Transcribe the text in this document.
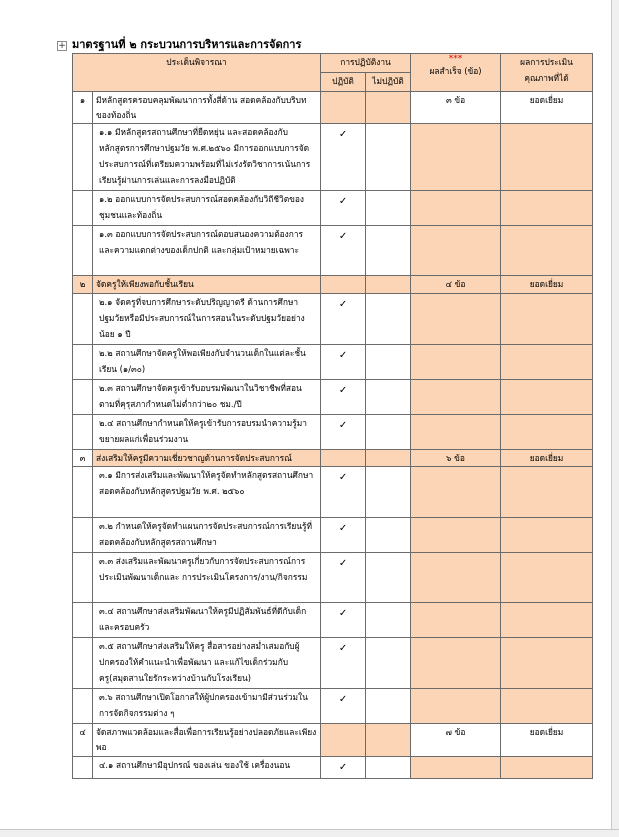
+ มาตรฐานที่ ๒ กระบวนการบริหารและการจัดการ
ประเด็นพิจารณา		การปฏิบัติงาน		***
ผลสำเร็จ (ข้อ)	ผลการประเมิน
คุณภาพที่ได้

		ปฏิบัติ	ไม่ปฏิบัติ		
๑	มีหลักสูตรครอบคลุมพัฒนาการทั้งสี่ด้าน สอดคล้องกับบริบทของท้องถิ่น			๓ ข้อ	ยอดเยี่ยม

	๑.๑ มีหลักสูตรสถานศึกษาที่ยืดหยุ่น และสอดคล้องกับหลักสูตรการศึกษาปฐมวัย พ.ศ.๒๕๖๐ มีการออกแบบการจัดประสบการณ์ที่เตรียมความพร้อมที่ไม่เร่งรัดวิชาการเน้นการเรียนรู้ผ่านการเล่นและการลงมือปฏิบัติ	✓			

	๑.๒ ออกแบบการจัดประสบการณ์สอดคล้องกับวิถีชีวิตของชุมชนและท้องถิ่น	✓			

	๑.๓ ออกแบบการจัดประสบการณ์ตอบสนองความต้องการ และความแตกต่างของเด็กปกติ และกลุ่มเป้าหมายเฉพาะ	✓			
๒	จัดครูให้เพียงพอกับชั้นเรียน			๔ ข้อ	ยอดเยี่ยม

	๒.๑ จัดครูที่จบการศึกษาระดับปริญญาตรี ด้านการศึกษาปฐมวัยหรือมีประสบการณ์ในการสอนในระดับปฐมวัยอย่างน้อย ๑ ปี	✓			

	๒.๒ สถานศึกษาจัดครูให้พอเพียงกับจำนวนเด็กในแต่ละชั้นเรียน (๑/๓๐)	✓			

	๒.๓ สถานศึกษาจัดครูเข้ารับอบรมพัฒนาในวิชาชีพที่สอนตามที่คุรุสภากำหนดไม่ต่ำกว่า๒๐ ชม./ปี	✓			

	๒.๔ สถานศึกษากำหนดให้ครูเข้ารับการอบรมนำความรู้มาขยายผลแก่เพื่อนร่วมงาน	✓			
๓	ส่งเสริมให้ครูมีความเชี่ยวชาญด้านการจัดประสบการณ์			๖ ข้อ	ยอดเยี่ยม

	๓.๑ มีการส่งเสริมและพัฒนาให้ครูจัดทำหลักสูตรสถานศึกษา สอดคล้องกับหลักสูตรปฐมวัย พ.ศ. ๒๕๖๐	✓			

	๓.๒ กำหนดให้ครูจัดทำแผนการจัดประสบการณ์การเรียนรู้ที่สอดคล้องกับหลักสูตรสถานศึกษา	✓			

	๓.๓ ส่งเสริมและพัฒนาครูเกี่ยวกับการจัดประสบการณ์การประเมินพัฒนาเด็กและ การประเมินโครงการ/งาน/กิจกรรม	✓			

	๓.๔ สถานศึกษาส่งเสริมพัฒนาให้ครูมีปฏิสัมพันธ์ที่ดีกับเด็กและครอบครัว	✓			

	๓.๕ สถานศึกษาส่งเสริมให้ครู สื่อสารอย่างสม่ำเสมอกับผู้ปกครองให้คำแนะนำเพื่อพัฒนา และแก้ไขเด็กร่วมกับครู(สมุดสานใยรักระหว่างบ้านกับโรงเรียน)	✓			

	๓.๖ สถานศึกษาเปิดโอกาสให้ผู้ปกครองเข้ามามีส่วนร่วมในการจัดกิจกรรมต่าง ๆ	✓			
๔	จัดสภาพแวดล้อมและสื่อเพื่อการเรียนรู้อย่างปลอดภัยและเพียงพอ			๗ ข้อ	ยอดเยี่ยม

	๔.๑ สถานศึกษามีอุปกรณ์ ของเล่น ของใช้ เครื่องนอน	✓			
